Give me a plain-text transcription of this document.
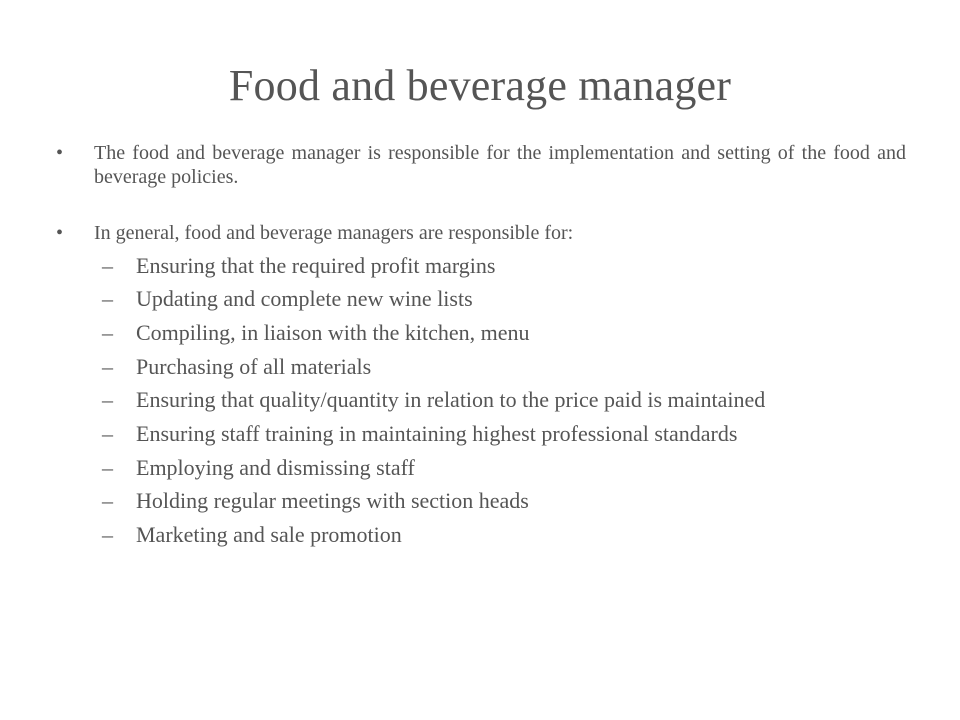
Food and beverage manager
•	The food and beverage manager is responsible for the implementation and setting of the food and beverage policies.
•	In general, food and beverage managers are responsible for:
–	Ensuring that the required profit margins
–	Updating and complete new wine lists
–	Compiling, in liaison with the kitchen, menu
–	Purchasing of all materials
–	Ensuring that quality/quantity in relation to the price paid is maintained
–	Ensuring staff training in maintaining highest professional standards
–	Employing and dismissing staff
–	Holding regular meetings with section heads
–	Marketing and sale promotion
